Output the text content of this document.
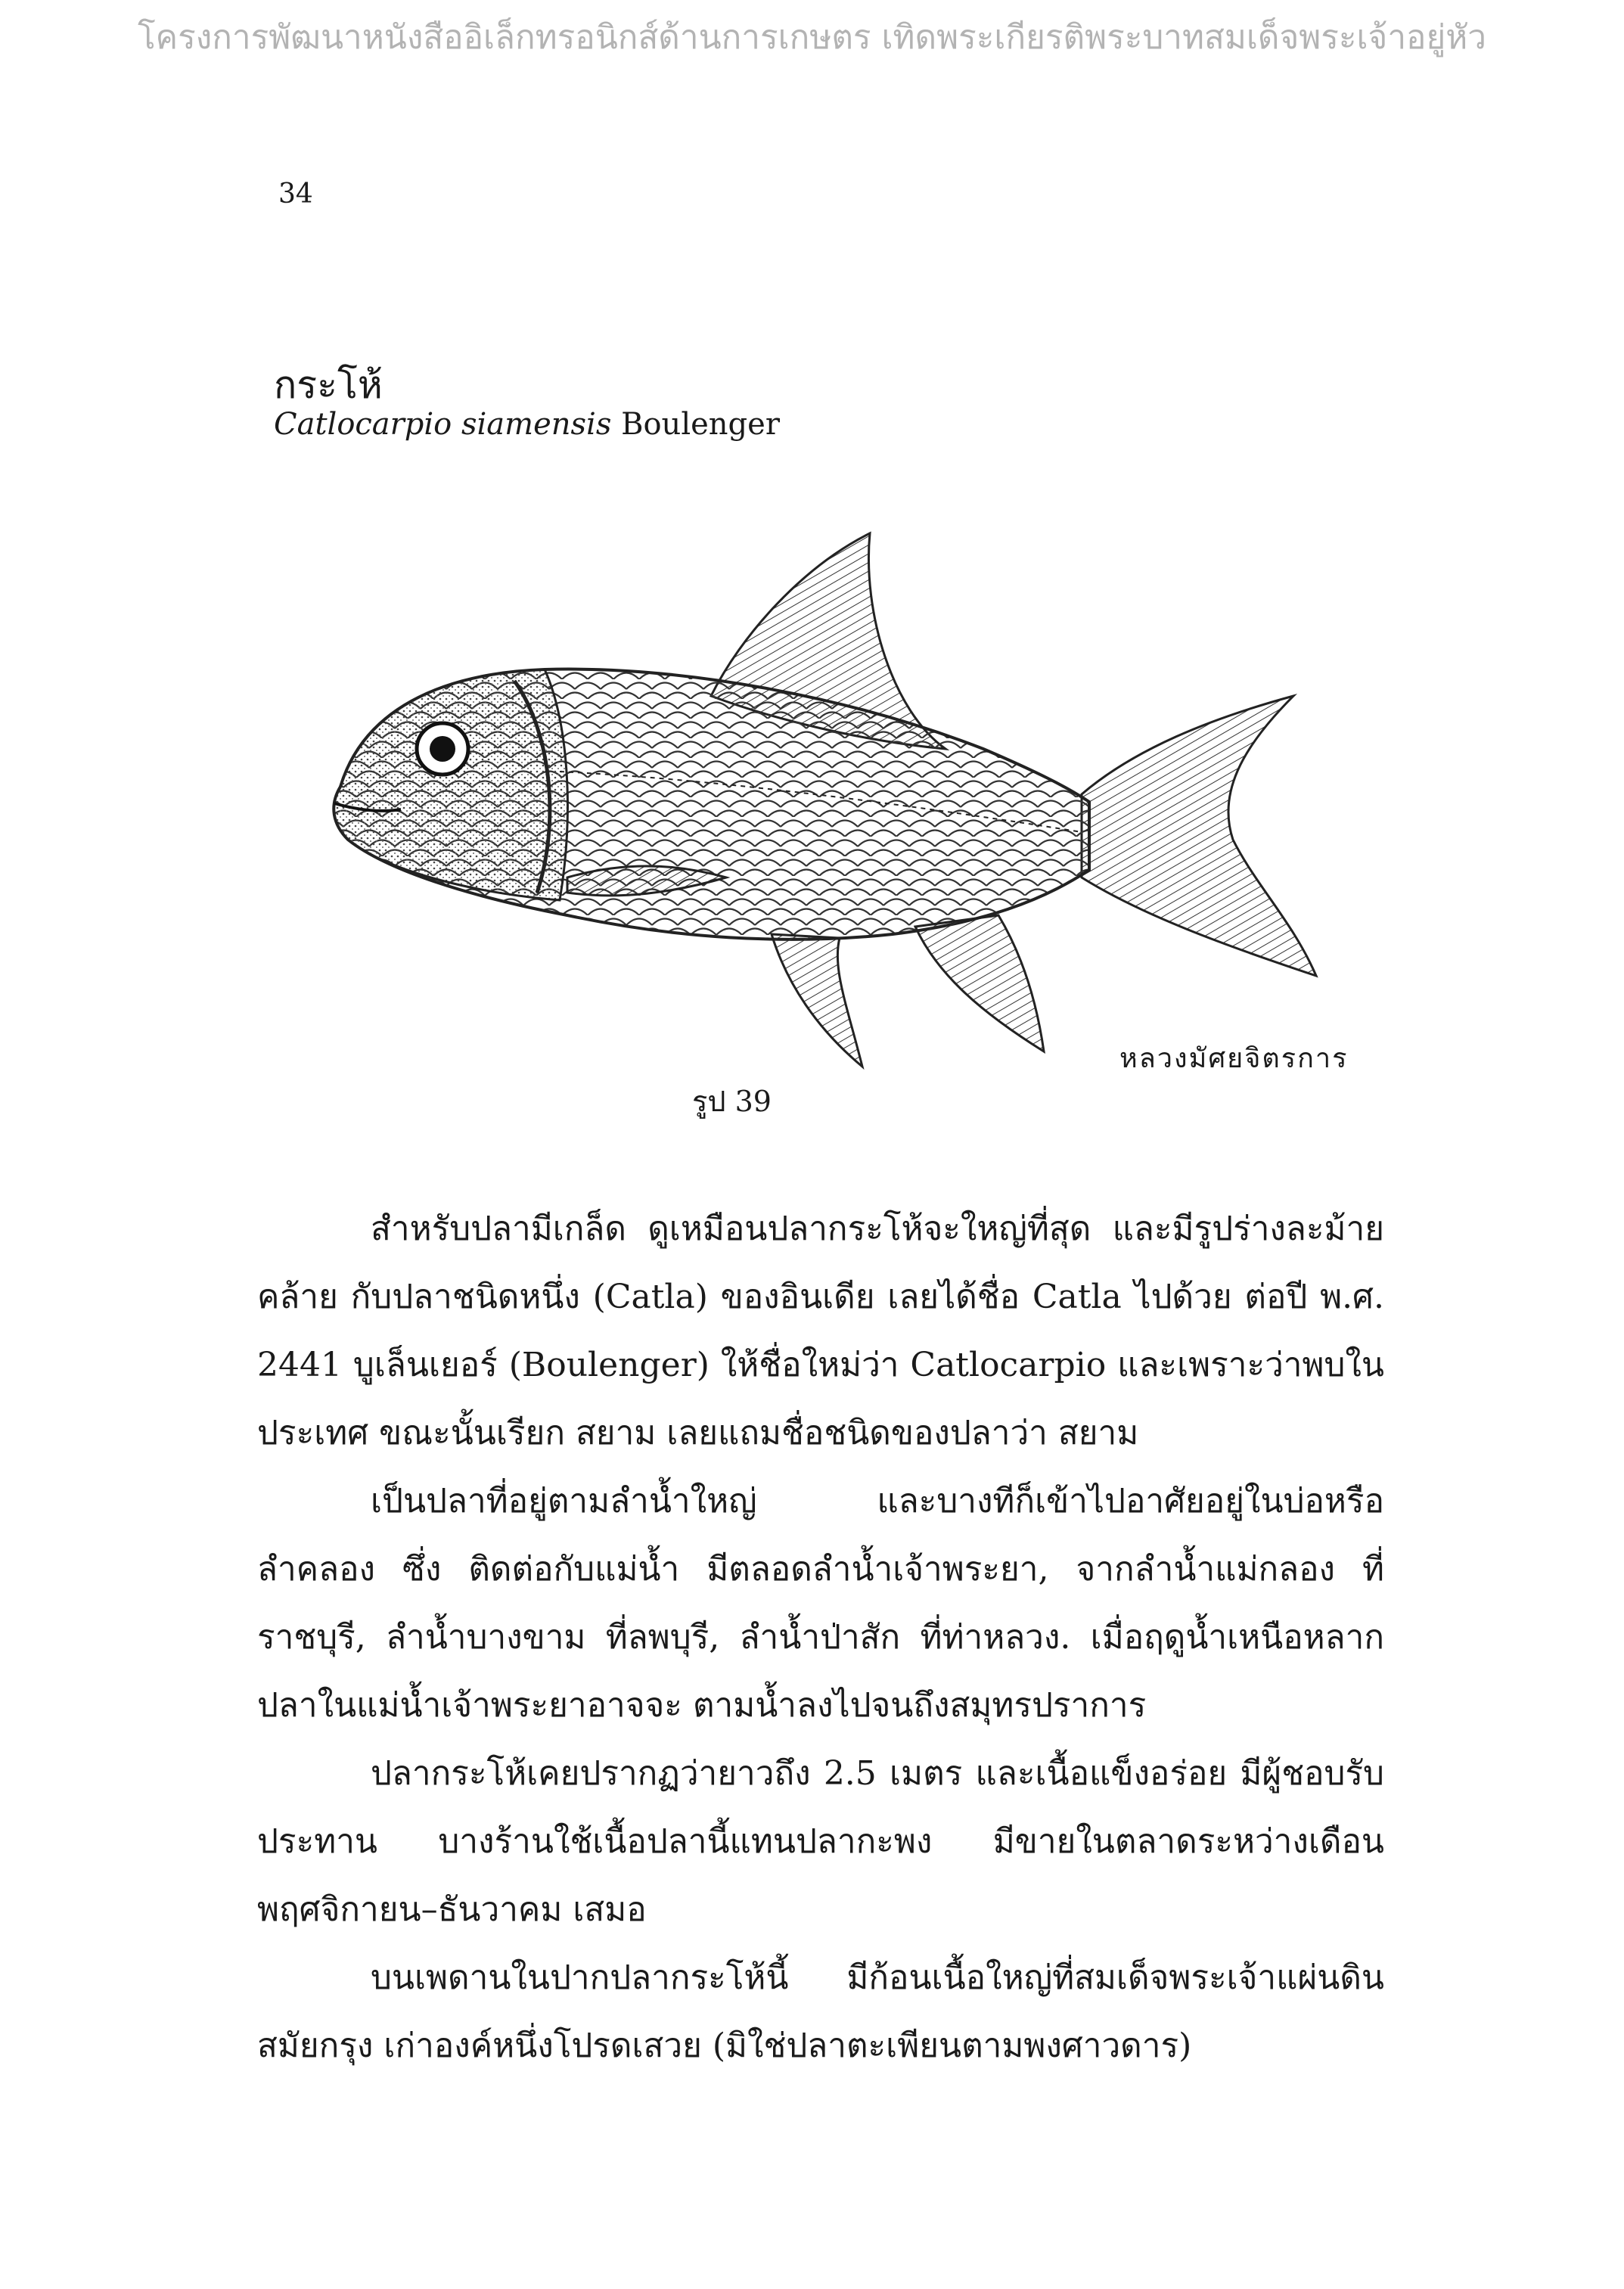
โครงการพัฒนาหนังสืออิเล็กทรอนิกส์ด้านการเกษตร เทิดพระเกียรติพระบาทสมเด็จพระเจ้าอยู่หัว
34
กระโห้
Catlocarpio siamensis Boulenger
หลวงมัศยจิตรการ
รูป 39

สำหรับปลามีเกล็ด ดูเหมือนปลากระโห้จะใหญ่ที่สุด และมีรูปร่างละม้ายคล้าย กับปลาชนิดหนึ่ง (Catla) ของอินเดีย เลยได้ชื่อ Catla ไปด้วย ต่อปี พ.ศ. 2441 บูเล็นเยอร์ (Boulenger) ให้ชื่อใหม่ว่า Catlocarpio และเพราะว่าพบในประเทศ ขณะนั้นเรียก สยาม เลยแถมชื่อชนิดของปลาว่า สยาม

เป็นปลาที่อยู่ตามลำน้ำใหญ่ และบางทีก็เข้าไปอาศัยอยู่ในบ่อหรือลำคลอง ซึ่ง ติดต่อกับแม่น้ำ มีตลอดลำน้ำเจ้าพระยา, จากลำน้ำแม่กลอง ที่ราชบุรี, ลำน้ำบางขาม ที่ลพบุรี, ลำน้ำป่าสัก ที่ท่าหลวง. เมื่อฤดูน้ำเหนือหลาก ปลาในแม่น้ำเจ้าพระยาอาจจะ ตามน้ำลงไปจนถึงสมุทรปราการ

ปลากระโห้เคยปรากฏว่ายาวถึง 2.5 เมตร และเนื้อแข็งอร่อย มีผู้ชอบรับประทาน บางร้านใช้เนื้อปลานี้แทนปลากะพง มีขายในตลาดระหว่างเดือนพฤศจิกายน–ธันวาคม เสมอ

บนเพดานในปากปลากระโห้นี้ มีก้อนเนื้อใหญ่ที่สมเด็จพระเจ้าแผ่นดิน สมัยกรุง เก่าองค์หนึ่งโปรดเสวย (มิใช่ปลาตะเพียนตามพงศาวดาร)
